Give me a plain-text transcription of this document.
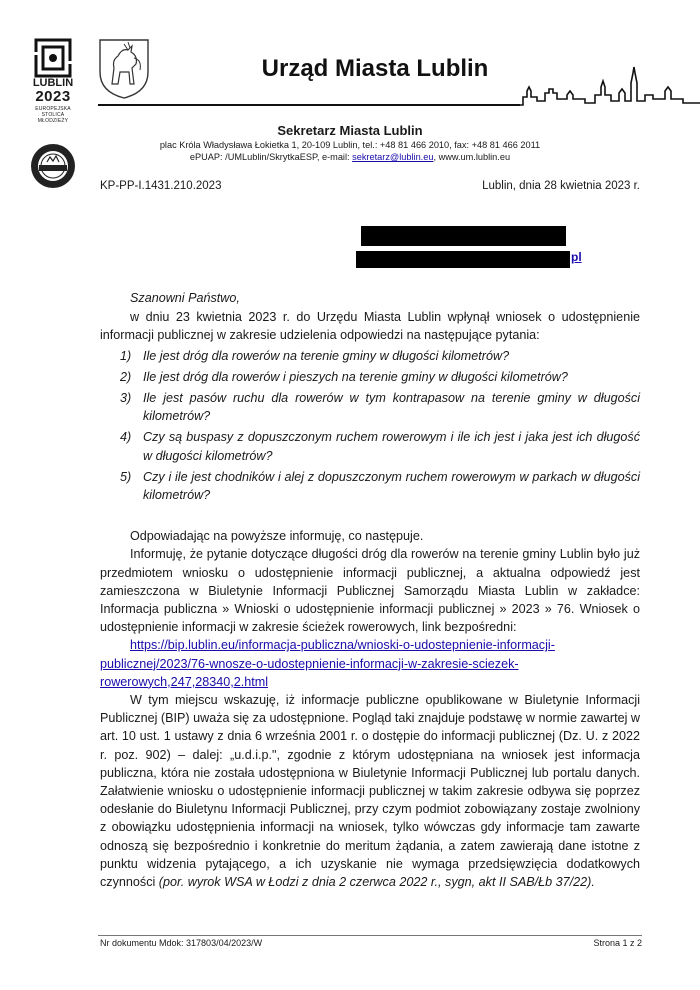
LUBLIN
2023
EUROPEJSKA STOLICA MŁODZIEŻY
Urząd Miasta Lublin
Sekretarz Miasta Lublin
plac Króla Władysława Łokietka 1, 20-109 Lublin, tel.: +48 81 466 2010, fax: +48 81 466 2011
ePUAP: /UMLublin/SkrytkaESP, e-mail: sekretarz@lublin.eu, www.um.lublin.eu
KP-PP-I.1431.210.2023	Lublin, dnia 28 kwietnia 2023 r.
pl

Szanowni Państwo,

w dniu 23 kwietnia 2023 r. do Urzędu Miasta Lublin wpłynął wniosek o udostępnienie informacji publicznej w zakresie udzielenia odpowiedzi na następujące pytania:

1) Ile jest dróg dla rowerów na terenie gminy w długości kilometrów?
2) Ile jest dróg dla rowerów i pieszych na terenie gminy w długości kilometrów?
3) Ile jest pasów ruchu dla rowerów w tym kontrapasow na terenie gminy w długości kilometrów?
4) Czy są buspasy z dopuszczonym ruchem rowerowym i ile ich jest i jaka jest ich długość w długości kilometrów?
5) Czy i ile jest chodników i alej z dopuszczonym ruchem rowerowym w parkach w długości kilometrów?

Odpowiadając na powyższe informuję, co następuje.

Informuję, że pytanie dotyczące długości dróg dla rowerów na terenie gminy Lublin było już przedmiotem wniosku o udostępnienie informacji publicznej, a aktualna odpowiedź jest zamieszczona w Biuletynie Informacji Publicznej Samorządu Miasta Lublin w zakładce: Informacja publiczna » Wnioski o udostępnienie informacji publicznej » 2023 » 76. Wniosek o udostępnienie informacji w zakresie ścieżek rowerowych, link bezpośredni:

https://bip.lublin.eu/informacja-publiczna/wnioski-o-udostepnienie-informacji-publicznej/2023/76-wnosze-o-udostepnienie-informacji-w-zakresie-sciezek-rowerowych,247,28340,2.html

W tym miejscu wskazuję, iż informacje publiczne opublikowane w Biuletynie Informacji Publicznej (BIP) uważa się za udostępnione. Pogląd taki znajduje podstawę w normie zawartej w art. 10 ust. 1 ustawy z dnia 6 września 2001 r. o dostępie do informacji publicznej (Dz. U. z 2022 r. poz. 902) – dalej: „u.d.i.p.", zgodnie z którym udostępniana na wniosek jest informacja publiczna, która nie została udostępniona w Biuletynie Informacji Publicznej lub portalu danych. Załatwienie wniosku o udostępnienie informacji publicznej w takim zakresie odbywa się poprzez odesłanie do Biuletynu Informacji Publicznej, przy czym podmiot zobowiązany zostaje zwolniony z obowiązku udostępnienia informacji na wniosek, tylko wówczas gdy informacje tam zawarte odnoszą się bezpośrednio i konkretnie do meritum żądania, a zatem zawierają dane istotne z punktu widzenia pytającego, a ich uzyskanie nie wymaga przedsięwzięcia dodatkowych czynności (por. wyrok WSA w Łodzi z dnia 2 czerwca 2022 r., sygn, akt II SAB/Łb 37/22).

Nr dokumentu Mdok: 317803/04/2023/W	Strona 1 z 2
